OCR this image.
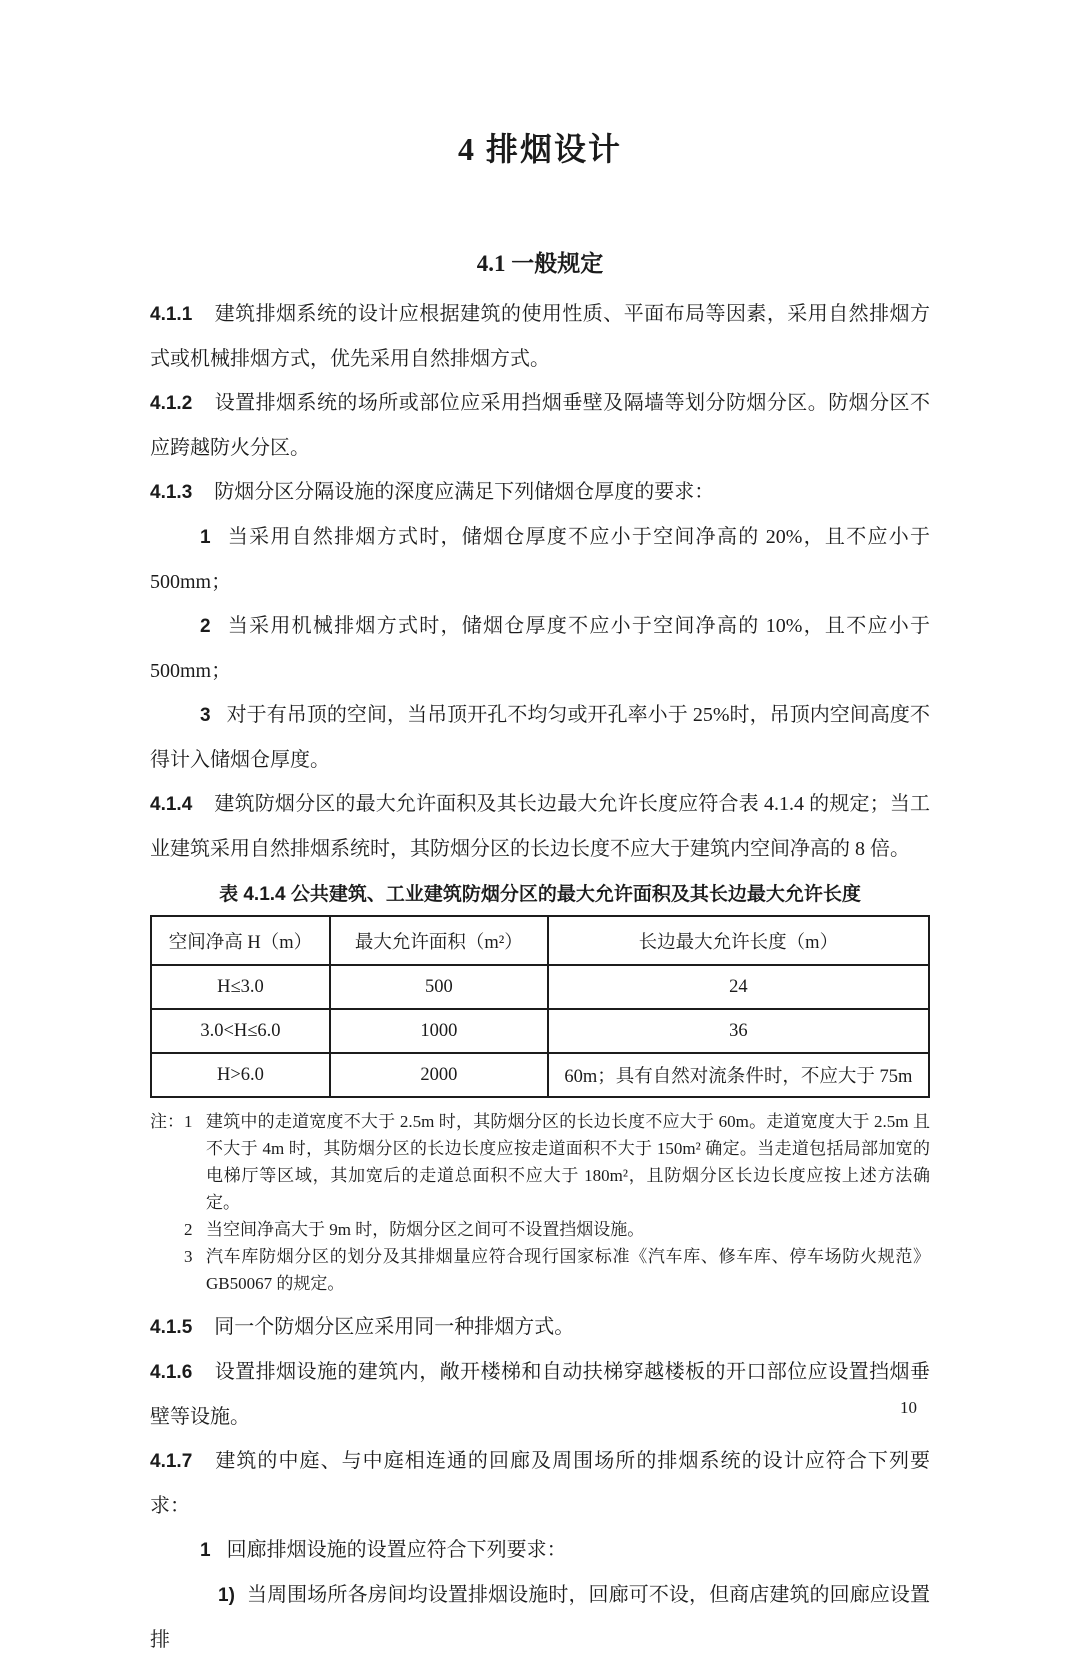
4 排烟设计
4.1 一般规定

4.1.1 建筑排烟系统的设计应根据建筑的使用性质、平面布局等因素，采用自然排烟方式或机械排烟方式，优先采用自然排烟方式。

4.1.2 设置排烟系统的场所或部位应采用挡烟垂壁及隔墙等划分防烟分区。防烟分区不应跨越防火分区。

4.1.3 防烟分区分隔设施的深度应满足下列储烟仓厚度的要求：

1 当采用自然排烟方式时，储烟仓厚度不应小于空间净高的 20%，且不应小于 500mm；

2 当采用机械排烟方式时，储烟仓厚度不应小于空间净高的 10%，且不应小于 500mm；

3 对于有吊顶的空间，当吊顶开孔不均匀或开孔率小于 25%时，吊顶内空间高度不得计入储烟仓厚度。

4.1.4 建筑防烟分区的最大允许面积及其长边最大允许长度应符合表 4.1.4 的规定；当工业建筑采用自然排烟系统时，其防烟分区的长边长度不应大于建筑内空间净高的 8 倍。

表 4.1.4 公共建筑、工业建筑防烟分区的最大允许面积及其长边最大允许长度
空间净高 H（m）	最大允许面积（m²）	长边最大允许长度（m）
H≤3.0	500	24
3.0<H≤6.0	1000	36
H>6.0	2000	60m；具有自然对流条件时，不应大于 75m
注： 1 建筑中的走道宽度不大于 2.5m 时，其防烟分区的长边长度不应大于 60m。走道宽度大于 2.5m 且不大于 4m 时，其防烟分区的长边长度应按走道面积不大于 150m² 确定。当走道包括局部加宽的电梯厅等区域，其加宽后的走道总面积不应大于 180m²，且防烟分区长边长度应按上述方法确定。
2 当空间净高大于 9m 时，防烟分区之间可不设置挡烟设施。
3 汽车库防烟分区的划分及其排烟量应符合现行国家标准《汽车库、修车库、停车场防火规范》GB50067 的规定。

4.1.5 同一个防烟分区应采用同一种排烟方式。

4.1.6 设置排烟设施的建筑内，敞开楼梯和自动扶梯穿越楼板的开口部位应设置挡烟垂壁等设施。

4.1.7 建筑的中庭、与中庭相连通的回廊及周围场所的排烟系统的设计应符合下列要求：

1 回廊排烟设施的设置应符合下列要求：

1) 当周围场所各房间均设置排烟设施时，回廊可不设，但商店建筑的回廊应设置排

10
